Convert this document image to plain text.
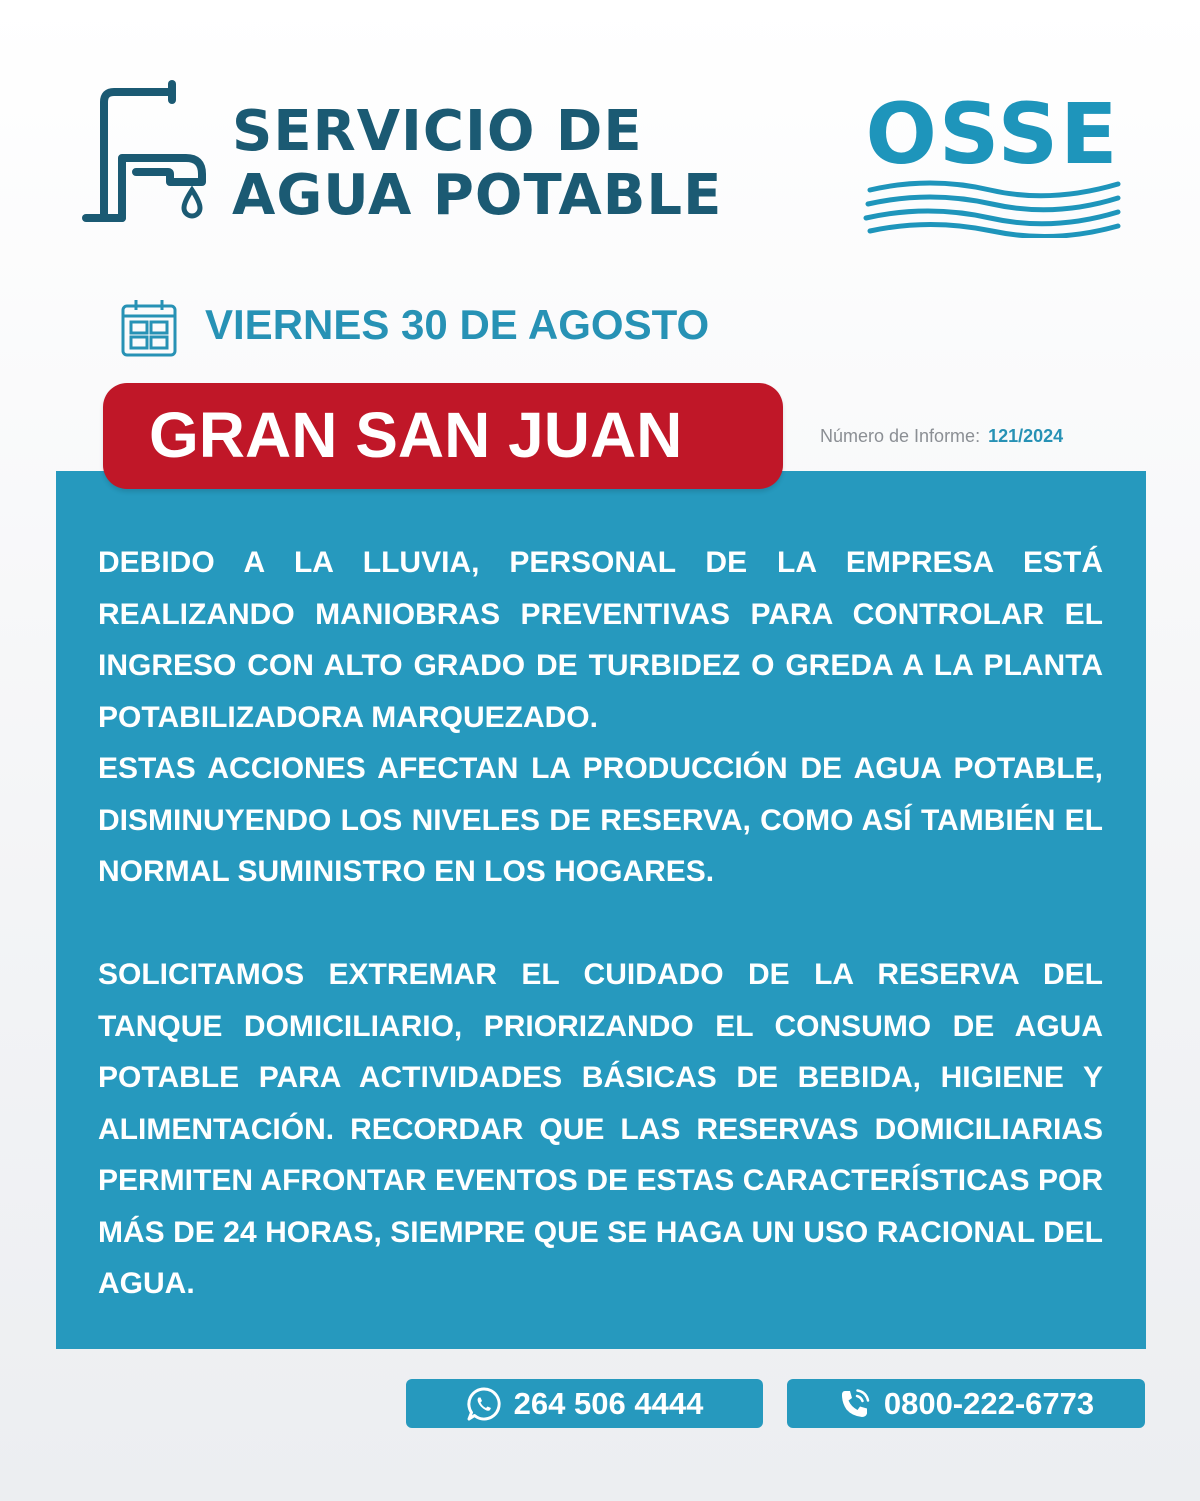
SERVICIO DE
AGUA POTABLE
OSSE
VIERNES 30 DE AGOSTO
GRAN SAN JUAN	Número de Informe: 121/2024

DEBIDO A LA LLUVIA, PERSONAL DE LA EMPRESA ESTÁ REALIZANDO MANIOBRAS PREVENTIVAS PARA CONTROLAR EL INGRESO CON ALTO GRADO DE TURBIDEZ O GREDA A LA PLANTA POTABILIZADORA MARQUEZADO.

ESTAS ACCIONES AFECTAN LA PRODUCCIÓN DE AGUA POTABLE, DISMINUYENDO LOS NIVELES DE RESERVA, COMO ASÍ TAMBIÉN EL NORMAL SUMINISTRO EN LOS HOGARES.

SOLICITAMOS EXTREMAR EL CUIDADO DE LA RESERVA DEL TANQUE DOMICILIARIO, PRIORIZANDO EL CONSUMO DE AGUA POTABLE PARA ACTIVIDADES BÁSICAS DE BEBIDA, HIGIENE Y ALIMENTACIÓN. RECORDAR QUE LAS RESERVAS DOMICILIARIAS PERMITEN AFRONTAR EVENTOS DE ESTAS CARACTERÍSTICAS POR MÁS DE 24 HORAS, SIEMPRE QUE SE HAGA UN USO RACIONAL DEL AGUA.

264 506 4444	0800-222-6773
